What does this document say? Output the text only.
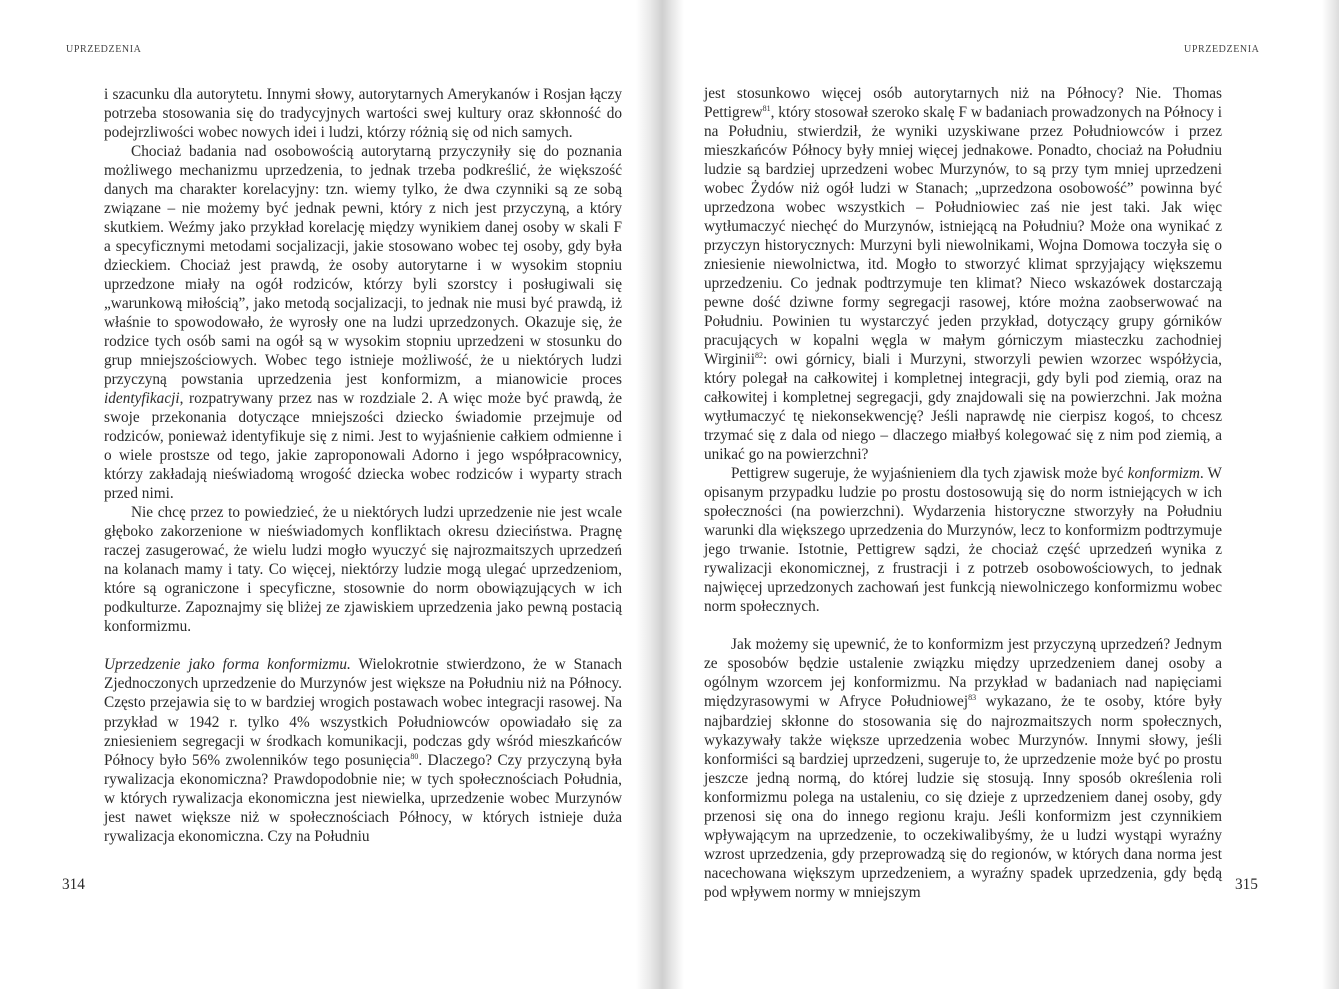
UPRZEDZENIA

i szacunku dla autorytetu. Innymi słowy, autorytarnych Amerykanów i Rosjan łączy potrzeba stosowania się do tradycyjnych wartości swej kultury oraz skłonność do podejrzliwości wobec nowych idei i ludzi, którzy różnią się od nich samych.

Chociaż badania nad osobowością autorytarną przyczyniły się do poznania możliwego mechanizmu uprzedzenia, to jednak trzeba podkreślić, że większość danych ma charakter korelacyjny: tzn. wiemy tylko, że dwa czynniki są ze sobą związane – nie możemy być jednak pewni, który z nich jest przyczyną, a który skutkiem. Weźmy jako przykład korelację między wynikiem danej osoby w skali F a specyficznymi metodami socjalizacji, jakie stosowano wobec tej osoby, gdy była dzieckiem. Chociaż jest prawdą, że osoby autorytarne i w wysokim stopniu uprzedzone miały na ogół rodziców, którzy byli szorstcy i posługiwali się „warunkową miłością”, jako metodą socjalizacji, to jednak nie musi być prawdą, iż właśnie to spowodowało, że wyrosły one na ludzi uprzedzonych. Okazuje się, że rodzice tych osób sami na ogół są w wysokim stopniu uprzedzeni w stosunku do grup mniejszościowych. Wobec tego istnieje możliwość, że u niektórych ludzi przyczyną powstania uprzedzenia jest konformizm, a mianowicie proces identyfikacji, rozpatrywany przez nas w rozdziale 2. A więc może być prawdą, że swoje przekonania dotyczące mniejszości dziecko świadomie przejmuje od rodziców, ponieważ identyfikuje się z nimi. Jest to wyjaśnienie całkiem odmienne i o wiele prostsze od tego, jakie zaproponowali Adorno i jego współpracownicy, którzy zakładają nieświadomą wrogość dziecka wobec rodziców i wyparty strach przed nimi.

Nie chcę przez to powiedzieć, że u niektórych ludzi uprzedzenie nie jest wcale głęboko zakorzenione w nieświadomych konfliktach okresu dzieciństwa. Pragnę raczej zasugerować, że wielu ludzi mogło wyuczyć się najrozmaitszych uprzedzeń na kolanach mamy i taty. Co więcej, niektórzy ludzie mogą ulegać uprzedzeniom, które są ograniczone i specyficzne, stosownie do norm obowiązujących w ich podkulturze. Zapoznajmy się bliżej ze zjawiskiem uprzedzenia jako pewną postacią konformizmu.

Uprzedzenie jako forma konformizmu. Wielokrotnie stwierdzono, że w Stanach Zjednoczonych uprzedzenie do Murzynów jest większe na Południu niż na Północy. Często przejawia się to w bardziej wrogich postawach wobec integracji rasowej. Na przykład w 1942 r. tylko 4% wszystkich Południowców opowiadało się za zniesieniem segregacji w środkach komunikacji, podczas gdy wśród mieszkańców Północy było 56% zwolenników tego posunięcia$^{80}$. Dlaczego? Czy przyczyną była rywalizacja ekonomiczna? Prawdopodobnie nie; w tych społecznościach Południa, w których rywalizacja ekonomiczna jest niewielka, uprzedzenie wobec Murzynów jest nawet większe niż w społecznościach Północy, w których istnieje duża rywalizacja ekonomiczna. Czy na Południu

314
UPRZEDZENIA

jest stosunkowo więcej osób autorytarnych niż na Północy? Nie. Thomas Pettigrew$^{81}$, który stosował szeroko skalę F w badaniach prowadzonych na Północy i na Południu, stwierdził, że wyniki uzyskiwane przez Południowców i przez mieszkańców Północy były mniej więcej jednakowe. Ponadto, chociaż na Południu ludzie są bardziej uprzedzeni wobec Murzynów, to są przy tym mniej uprzedzeni wobec Żydów niż ogół ludzi w Stanach; „uprzedzona osobowość” powinna być uprzedzona wobec wszystkich – Południowiec zaś nie jest taki. Jak więc wytłumaczyć niechęć do Murzynów, istniejącą na Południu? Może ona wynikać z przyczyn historycznych: Murzyni byli niewolnikami, Wojna Domowa toczyła się o zniesienie niewolnictwa, itd. Mogło to stworzyć klimat sprzyjający większemu uprzedzeniu. Co jednak podtrzymuje ten klimat? Nieco wskazówek dostarczają pewne dość dziwne formy segregacji rasowej, które można zaobserwować na Południu. Powinien tu wystarczyć jeden przykład, dotyczący grupy górników pracujących w kopalni węgla w małym górniczym miasteczku zachodniej Wirginii$^{82}$: owi górnicy, biali i Murzyni, stworzyli pewien wzorzec współżycia, który polegał na całkowitej i kompletnej integracji, gdy byli pod ziemią, oraz na całkowitej i kompletnej segregacji, gdy znajdowali się na powierzchni. Jak można wytłumaczyć tę niekonsekwencję? Jeśli naprawdę nie cierpisz kogoś, to chcesz trzymać się z dala od niego – dlaczego miałbyś kolegować się z nim pod ziemią, a unikać go na powierzchni?

Pettigrew sugeruje, że wyjaśnieniem dla tych zjawisk może być konformizm. W opisanym przypadku ludzie po prostu dostosowują się do norm istniejących w ich społeczności (na powierzchni). Wydarzenia historyczne stworzyły na Południu warunki dla większego uprzedzenia do Murzynów, lecz to konformizm podtrzymuje jego trwanie. Istotnie, Pettigrew sądzi, że chociaż część uprzedzeń wynika z rywalizacji ekonomicznej, z frustracji i z potrzeb osobowościowych, to jednak najwięcej uprzedzonych zachowań jest funkcją niewolniczego konformizmu wobec norm społecznych.

Jak możemy się upewnić, że to konformizm jest przyczyną uprzedzeń? Jednym ze sposobów będzie ustalenie związku między uprzedzeniem danej osoby a ogólnym wzorcem jej konformizmu. Na przykład w badaniach nad napięciami międzyrasowymi w Afryce Południowej$^{83}$ wykazano, że te osoby, które były najbardziej skłonne do stosowania się do najrozmaitszych norm społecznych, wykazywały także większe uprzedzenia wobec Murzynów. Innymi słowy, jeśli konformiści są bardziej uprzedzeni, sugeruje to, że uprzedzenie może być po prostu jeszcze jedną normą, do której ludzie się stosują. Inny sposób określenia roli konformizmu polega na ustaleniu, co się dzieje z uprzedzeniem danej osoby, gdy przenosi się ona do innego regionu kraju. Jeśli konformizm jest czynnikiem wpływającym na uprzedzenie, to oczekiwalibyśmy, że u ludzi wystąpi wyraźny wzrost uprzedzenia, gdy przeprowadzą się do regionów, w których dana norma jest nacechowana większym uprzedzeniem, a wyraźny spadek uprzedzenia, gdy będą pod wpływem normy w mniejszym	315
